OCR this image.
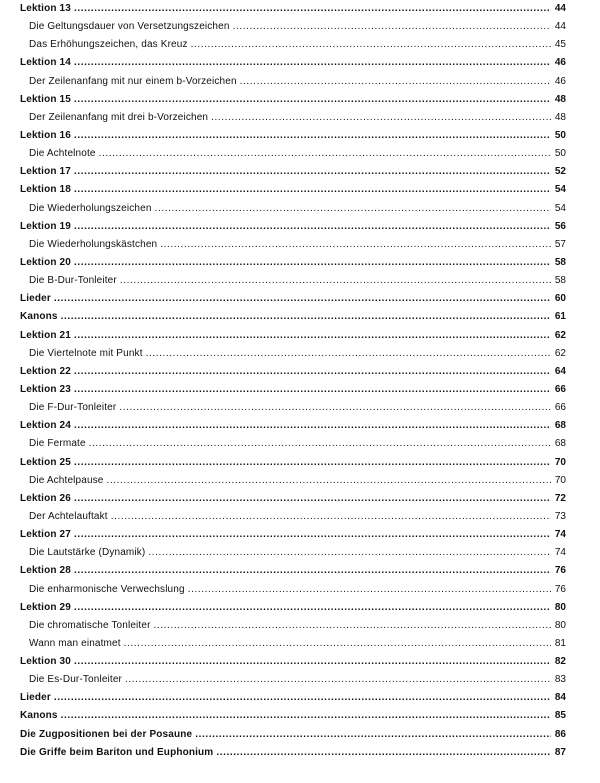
Lektion 13 .....	44
Die Geltungsdauer von Versetzungszeichen .....	44
Das Erhöhungszeichen, das Kreuz .....	45
Lektion 14 .....	46
Der Zeilenanfang mit nur einem b-Vorzeichen .....	46
Lektion 15 .....	48
Der Zeilenanfang mit drei b-Vorzeichen .....	48
Lektion 16 .....	50
Die Achtelnote .....	50
Lektion 17 .....	52
Lektion 18 .....	54
Die Wiederholungszeichen .....	54
Lektion 19 .....	56
Die Wiederholungskästchen .....	57
Lektion 20 .....	58
Die B-Dur-Tonleiter .....	58
Lieder .....	60
Kanons .....	61
Lektion 21 .....	62
Die Viertelnote mit Punkt .....	62
Lektion 22 .....	64
Lektion 23 .....	66
Die F-Dur-Tonleiter .....	66
Lektion 24 .....	68
Die Fermate .....	68
Lektion 25 .....	70
Die Achtelpause .....	70
Lektion 26 .....	72
Der Achtelauftakt .....	73
Lektion 27 .....	74
Die Lautstärke (Dynamik) .....	74
Lektion 28 .....	76
Die enharmonische Verwechslung .....	76
Lektion 29 .....	80
Die chromatische Tonleiter .....	80
Wann man einatmet .....	81
Lektion 30 .....	82
Die Es-Dur-Tonleiter .....	83
Lieder .....	84
Kanons .....	85
Die Zugpositionen bei der Posaune .....	86
Die Griffe beim Bariton und Euphonium .....	87
